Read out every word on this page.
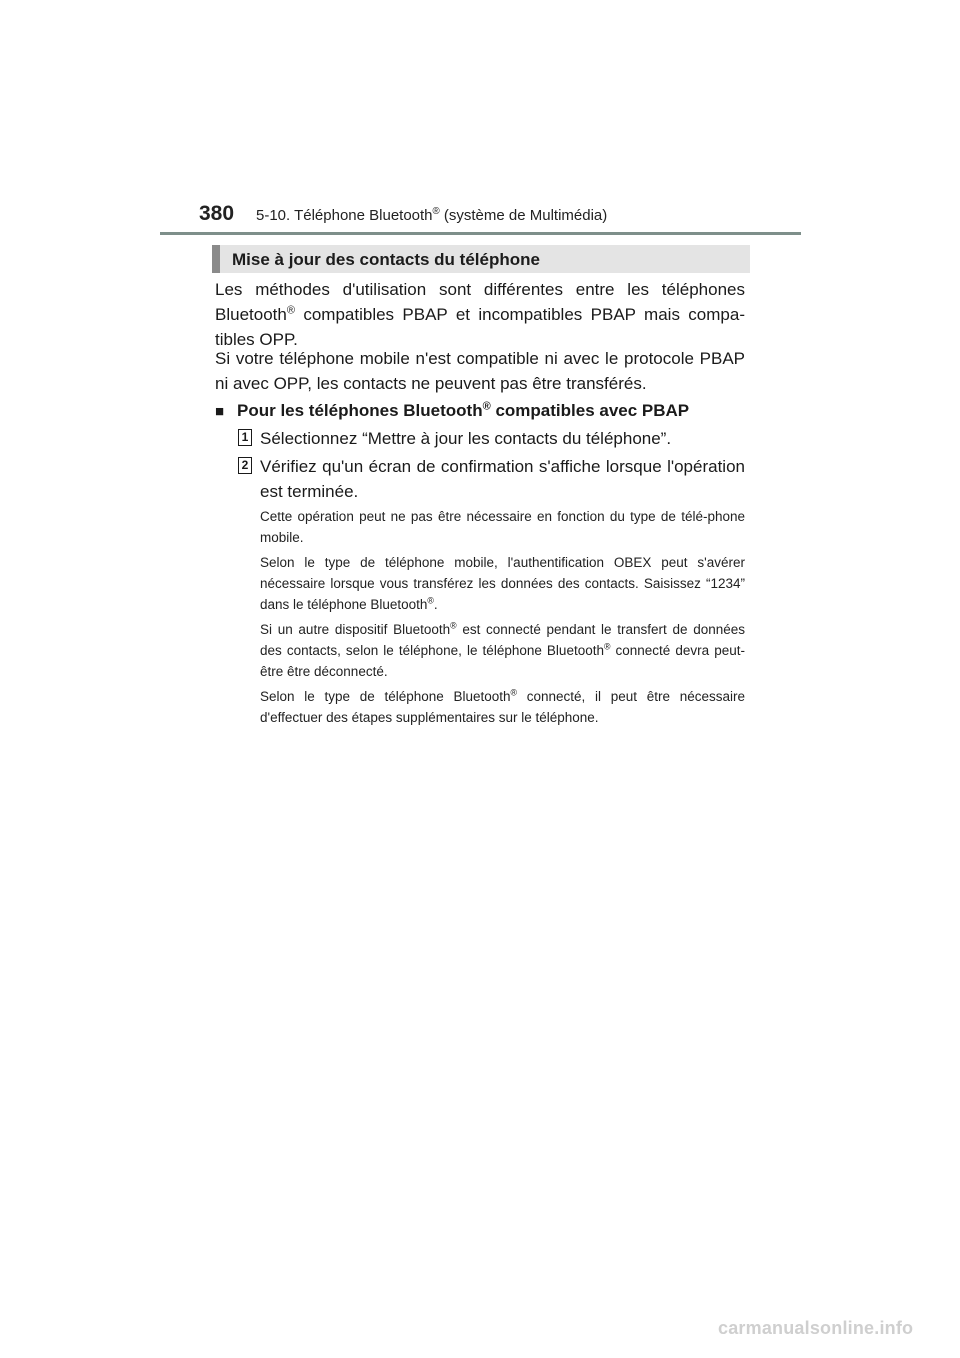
380 5-10. Téléphone Bluetooth® (système de Multimédia)
Mise à jour des contacts du téléphone

Les méthodes d'utilisation sont différentes entre les téléphones Bluetooth® compatibles PBAP et incompatibles PBAP mais compa-tibles OPP.

Si votre téléphone mobile n'est compatible ni avec le protocole PBAP ni avec OPP, les contacts ne peuvent pas être transférés.

■ Pour les téléphones Bluetooth® compatibles avec PBAP
1 Sélectionnez “Mettre à jour les contacts du téléphone”.

2 Vérifiez qu'un écran de confirmation s'affiche lorsque l'opération est terminée.

Cette opération peut ne pas être nécessaire en fonction du type de télé-phone mobile.

Selon le type de téléphone mobile, l'authentification OBEX peut s'avérer nécessaire lorsque vous transférez les données des contacts. Saisissez “1234” dans le téléphone Bluetooth®.

Si un autre dispositif Bluetooth® est connecté pendant le transfert de données des contacts, selon le téléphone, le téléphone Bluetooth® connecté devra peut-être être déconnecté.

Selon le type de téléphone Bluetooth® connecté, il peut être nécessaire d'effectuer des étapes supplémentaires sur le téléphone.

carmanualsonline.info
